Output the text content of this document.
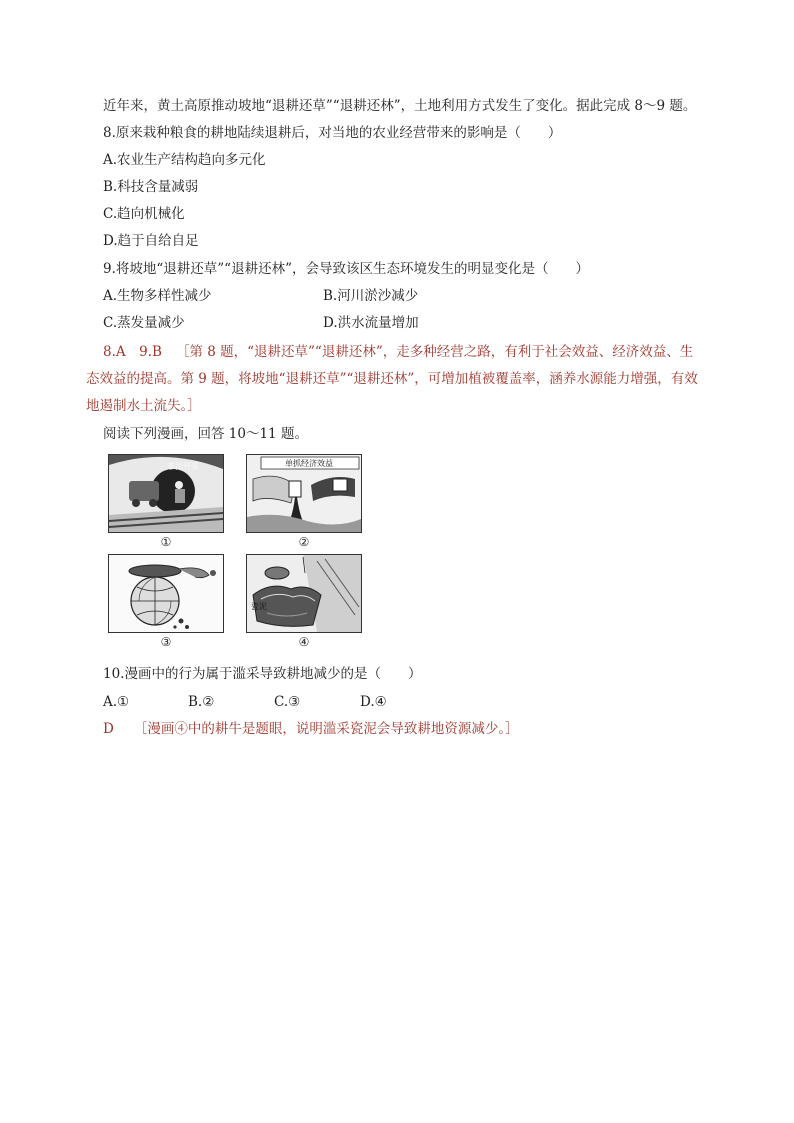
近年来，黄土高原推动坡地“退耕还草”“退耕还林”，土地利用方式发生了变化。据此完成 8～9 题。
8.原来栽种粮食的耕地陆续退耕后，对当地的农业经营带来的影响是（　　）
A.农业生产结构趋向多元化
B.科技含量减弱
C.趋向机械化
D.趋于自给自足
9.将坡地“退耕还草”“退耕还林”，会导致该区生态环境发生的明显变化是（　　）
A.生物多样性减少	B.河川淤沙减少
C.蒸发量减少	D.洪水流量增加
8.A　9.B ［第 8 题，“退耕还草”“退耕还林”，走多种经营之路，有利于社会效益、经济效益、生
态效益的提高。第 9 题，将坡地“退耕还草”“退耕还林”，可增加植被覆盖率，涵养水源能力增强，有效
地遏制水土流失。］
阅读下列漫画，回答 10～11 题。
非法开采
①
单抓经济效益
②
③
瓷泥
④
10.漫画中的行为属于滥采导致耕地减少的是（　　）
A.①	B.②	C.③	D.④
D ［漫画④中的耕牛是题眼，说明滥采瓷泥会导致耕地资源减少。］
